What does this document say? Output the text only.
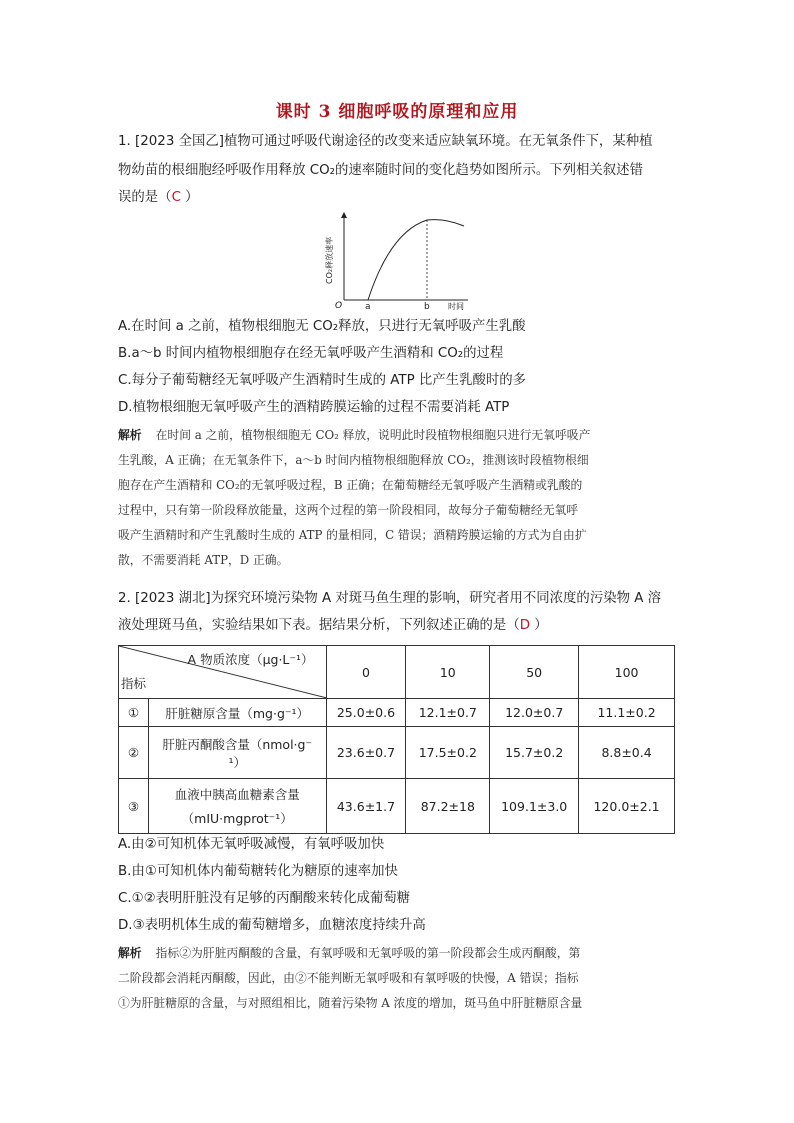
课时 3 细胞呼吸的原理和应用
1. [2023 全国乙]植物可通过呼吸代谢途径的改变来适应缺氧环境。在无氧条件下，某种植
物幼苗的根细胞经呼吸作用释放 CO₂的速率随时间的变化趋势如图所示。下列相关叙述错
误的是（C ）
CO₂释放速率
O	a	b 时间
A.在时间 a 之前，植物根细胞无 CO₂释放，只进行无氧呼吸产生乳酸
B.a～b 时间内植物根细胞存在经无氧呼吸产生酒精和 CO₂的过程
C.每分子葡萄糖经无氧呼吸产生酒精时生成的 ATP 比产生乳酸时的多
D.植物根细胞无氧呼吸产生的酒精跨膜运输的过程不需要消耗 ATP
解析 在时间 a 之前，植物根细胞无 CO₂ 释放，说明此时段植物根细胞只进行无氧呼吸产
生乳酸，A 正确；在无氧条件下，a～b 时间内植物根细胞释放 CO₂，推测该时段植物根细
胞存在产生酒精和 CO₂的无氧呼吸过程，B 正确；在葡萄糖经无氧呼吸产生酒精或乳酸的
过程中，只有第一阶段释放能量，这两个过程的第一阶段相同，故每分子葡萄糖经无氧呼
吸产生酒精时和产生乳酸时生成的 ATP 的量相同，C 错误；酒精跨膜运输的方式为自由扩
散，不需要消耗 ATP，D 正确。
2. [2023 湖北]为探究环境污染物 A 对斑马鱼生理的影响，研究者用不同浓度的污染物 A 溶
液处理斑马鱼，实验结果如下表。据结果分析，下列叙述正确的是（D ）
A 物质浓度（μg·L⁻¹）
指标		0	10	50	100
①	肝脏糖原含量（mg·g⁻¹）	25.0±0.6	12.1±0.7	12.0±0.7	11.1±0.2
②	肝脏丙酮酸含量（nmol·g⁻
¹）	23.6±0.7	17.5±0.2	15.7±0.2	8.8±0.4
③	血液中胰高血糖素含量
（mIU·mgprot⁻¹）	43.6±1.7	87.2±18	109.1±3.0	120.0±2.1
A.由②可知机体无氧呼吸减慢，有氧呼吸加快
B.由①可知机体内葡萄糖转化为糖原的速率加快
C.①②表明肝脏没有足够的丙酮酸来转化成葡萄糖
D.③表明机体生成的葡萄糖增多，血糖浓度持续升高
解析 指标②为肝脏丙酮酸的含量，有氧呼吸和无氧呼吸的第一阶段都会生成丙酮酸，第
二阶段都会消耗丙酮酸，因此，由②不能判断无氧呼吸和有氧呼吸的快慢，A 错误；指标
①为肝脏糖原的含量，与对照组相比，随着污染物 A 浓度的增加，斑马鱼中肝脏糖原含量
